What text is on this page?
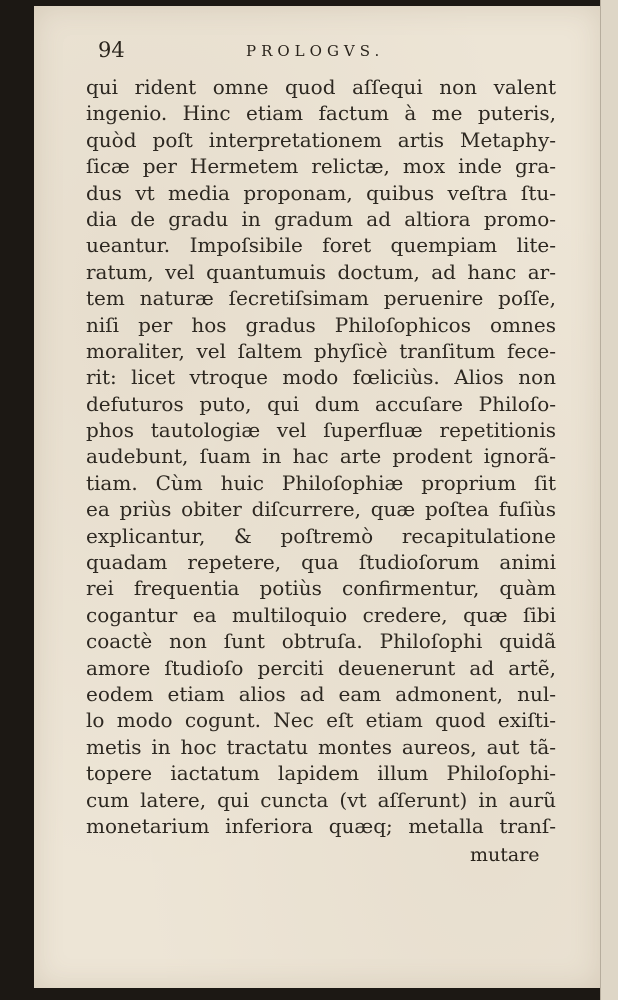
94	PROLOGVS.
qui rident omne quod aſſequi non valent
ingenio. Hinc etiam factum à me puteris,
quòd poſt interpretationem artis Metaphy-
ſicæ per Hermetem relictæ, mox inde gra-
dus vt media proponam, quibus veſtra ſtu-
dia de gradu in gradum ad altiora promo-
ueantur. Impoſsibile foret quempiam lite-
ratum, vel quantumuis doctum, ad hanc ar-
tem naturæ ſecretiſsimam peruenire poſſe,
niſi per hos gradus Philoſophicos omnes
moraliter, vel ſaltem phyſicè tranſitum fece-
rit: licet vtroque modo fœliciùs. Alios non
defuturos puto, qui dum accuſare Philoſo-
phos tautologiæ vel ſuperfluæ repetitionis
audebunt, ſuam in hac arte prodent ignorã-
tiam. Cùm huic Philoſophiæ proprium ſit
ea priùs obiter diſcurrere, quæ poſtea fuſiùs
explicantur, & poſtremò recapitulatione
quadam repetere, qua ſtudioſorum animi
rei frequentia potiùs confirmentur, quàm
cogantur ea multiloquio credere, quæ ſibi
coactè non ſunt obtruſa. Philoſophi quidã
amore ſtudioſo perciti deuenerunt ad artẽ,
eodem etiam alios ad eam admonent, nul-
lo modo cogunt. Nec eſt etiam quod exiſti-
metis in hoc tractatu montes aureos, aut tã-
topere iactatum lapidem illum Philoſophi-
cum latere, qui cuncta (vt aſſerunt) in aurũ
monetarium inferiora quæq; metalla tranſ-
mutare
